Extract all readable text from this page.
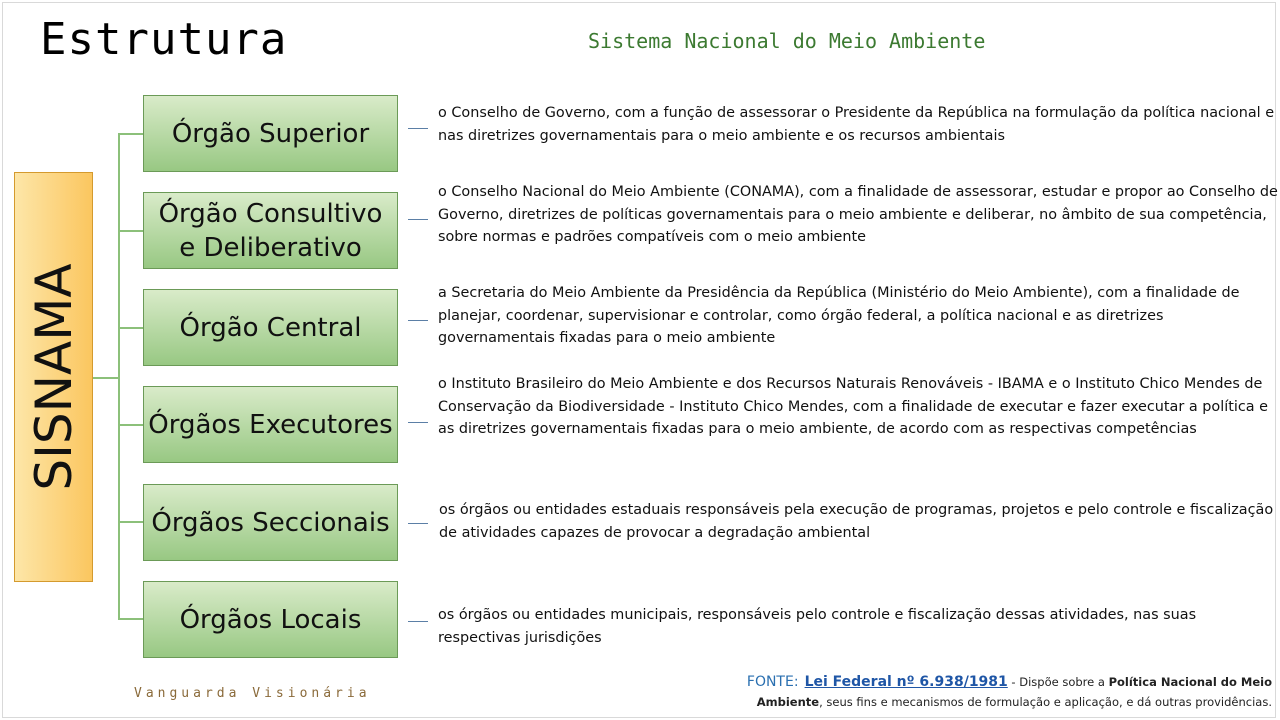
Estrutura	Sistema Nacional do Meio Ambiente
SISNAMA
Órgão Superior
Órgão Consultivo e Deliberativo
Órgão Central
Órgãos Executores
Órgãos Seccionais
Órgãos Locais
o Conselho de Governo, com a função de assessorar o Presidente da República na formulação da política nacional e nas diretrizes governamentais para o meio ambiente e os recursos ambientais
o Conselho Nacional do Meio Ambiente (CONAMA), com a finalidade de assessorar, estudar e propor ao Conselho de Governo, diretrizes de políticas governamentais para o meio ambiente e deliberar, no âmbito de sua competência, sobre normas e padrões compatíveis com o meio ambiente
a Secretaria do Meio Ambiente da Presidência da República (Ministério do Meio Ambiente), com a finalidade de planejar, coordenar, supervisionar e controlar, como órgão federal, a política nacional e as diretrizes governamentais fixadas para o meio ambiente
o Instituto Brasileiro do Meio Ambiente e dos Recursos Naturais Renováveis - IBAMA e o Instituto Chico Mendes de Conservação da Biodiversidade - Instituto Chico Mendes, com a finalidade de executar e fazer executar a política e as diretrizes governamentais fixadas para o meio ambiente, de acordo com as respectivas competências
os órgãos ou entidades estaduais responsáveis pela execução de programas, projetos e pelo controle e fiscalização de atividades capazes de provocar a degradação ambiental
os órgãos ou entidades municipais, responsáveis pelo controle e fiscalização dessas atividades, nas suas respectivas jurisdições
Vanguarda Visionária
FONTE: Lei Federal nº 6.938/1981 - Dispõe sobre a Política Nacional do Meio Ambiente, seus fins e mecanismos de formulação e aplicação, e dá outras providências.
